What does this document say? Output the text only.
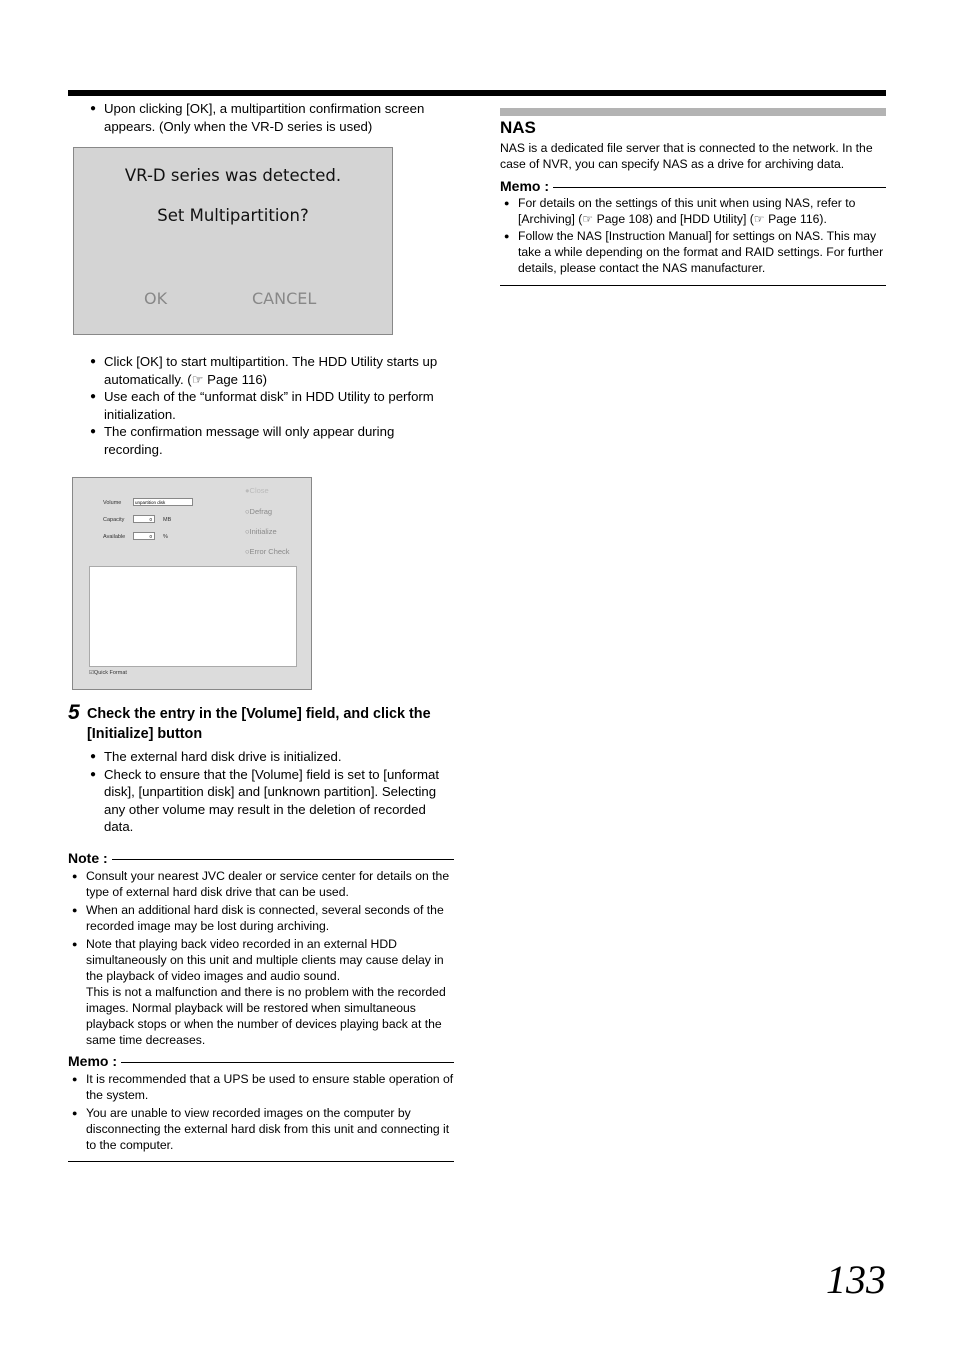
● Upon clicking [OK], a multipartition confirmation screen appears. (Only when the VR-D series is used)
VR-D series was detected.
Set Multipartition?
OK	CANCEL
● Click [OK] to start multipartition. The HDD Utility starts up automatically. (☞ Page 116)
● Use each of the “unformat disk” in HDD Utility to perform initialization.
● The confirmation message will only appear during recording.
Volume	unpartition disk
Capacity	0	MB
Available	0	%
●Close
○Defrag
○Initialize
○Error Check
☑Quick Format
5 Check the entry in the [Volume] field, and click the [Initialize] button
● The external hard disk drive is initialized.
● Check to ensure that the [Volume] field is set to [unformat disk], [unpartition disk] and [unknown partition]. Selecting any other volume may result in the deletion of recorded data.
Note :
● Consult your nearest JVC dealer or service center for details on the type of external hard disk drive that can be used.
● When an additional hard disk is connected, several seconds of the recorded image may be lost during archiving.
● Note that playing back video recorded in an external HDD simultaneously on this unit and multiple clients may cause delay in the playback of video images and audio sound.
This is not a malfunction and there is no problem with the recorded images. Normal playback will be restored when simultaneous playback stops or when the number of devices playing back at the same time decreases.
Memo :
● It is recommended that a UPS be used to ensure stable operation of the system.
● You are unable to view recorded images on the computer by disconnecting the external hard disk from this unit and connecting it to the computer.
NAS
NAS is a dedicated file server that is connected to the network. In the case of NVR, you can specify NAS as a drive for archiving data.
Memo :
● For details on the settings of this unit when using NAS, refer to [Archiving] (☞ Page 108) and [HDD Utility] (☞ Page 116).
● Follow the NAS [Instruction Manual] for settings on NAS. This may take a while depending on the format and RAID settings. For further details, please contact the NAS manufacturer.
133
